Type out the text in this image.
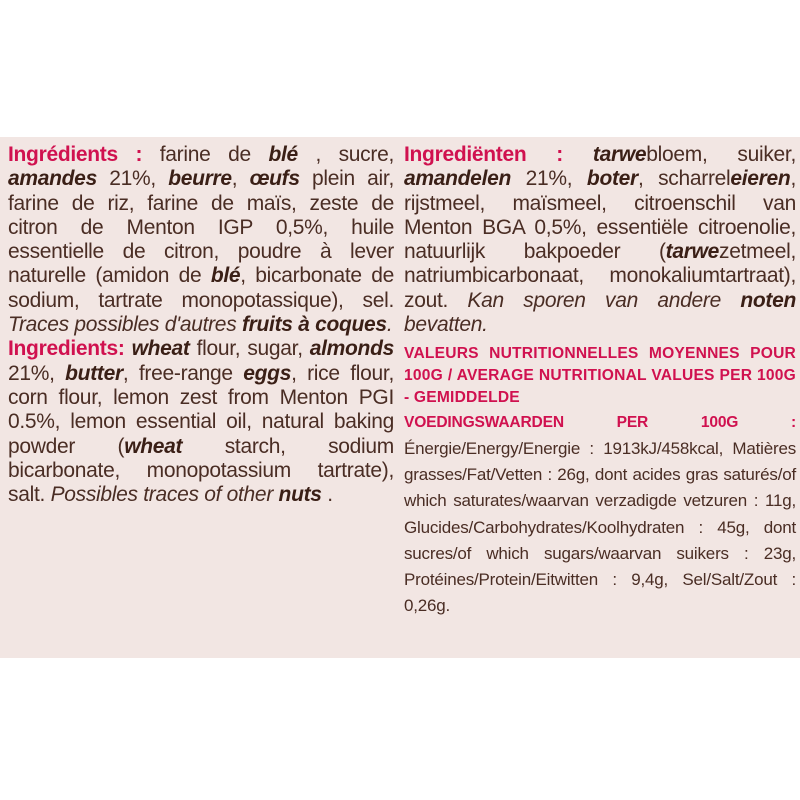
Ingrédients : farine de blé , sucre, amandes 21%, beurre, œufs plein air, farine de riz, farine de maïs, zeste de citron de Menton IGP 0,5%, huile essentielle de citron, poudre à lever naturelle (amidon de blé, bicarbonate de sodium, tartrate monopotassique), sel. Traces possibles d'autres fruits à coques.

Ingredients: wheat flour, sugar, almonds 21%, butter, free-range eggs, rice flour, corn flour, lemon zest from Menton PGI 0.5%, lemon essential oil, natural baking powder (wheat starch, sodium bicarbonate, monopotassium tartrate), salt. Possibles traces of other nuts .

Ingrediënten : tarwebloem, suiker, amandelen 21%, boter, scharreleieren, rijstmeel, maïsmeel, citroenschil van Menton BGA 0,5%, essentiële citroenolie, natuurlijk bakpoeder (tarwezetmeel, natriumbicarbonaat, monokaliumtartraat), zout. Kan sporen van andere noten bevatten.

VALEURS NUTRITIONNELLES MOYENNES POUR 100G / AVERAGE NUTRITIONAL VALUES PER 100G - GEMIDDELDE

VOEDINGSWAARDEN PER 100G : Énergie/Energy/Energie : 1913kJ/458kcal, Matières grasses/Fat/Vetten : 26g, dont acides gras saturés/of which saturates/waarvan verzadigde vetzuren : 11g, Glucides/Carbohydrates/Koolhydraten : 45g, dont sucres/of which sugars/waarvan suikers : 23g, Protéines/Protein/Eitwitten : 9,4g, Sel/Salt/Zout : 0,26g.
